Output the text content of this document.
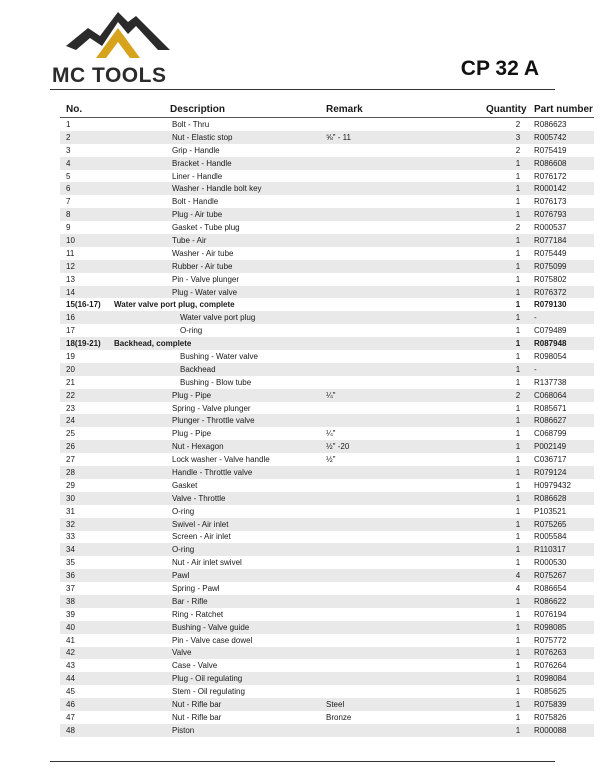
MC TOOLS	CP 32 A
No.	Description	Remark	Quantity	Part number
1	Bolt - Thru		2	R086623
2	Nut - Elastic stop	⅝" - 11	3	R005742
3	Grip - Handle		2	R075419
4	Bracket - Handle		1	R086608
5	Liner - Handle		1	R076172
6	Washer - Handle bolt key		1	R000142
7	Bolt - Handle		1	R076173
8	Plug - Air tube		1	R076793
9	Gasket - Tube plug		2	R000537
10	Tube - Air		1	R077184
11	Washer - Air tube		1	R075449
12	Rubber - Air tube		1	R075099
13	Pin - Valve plunger		1	R075802
14	Plug - Water valve		1	R076372
15(16-17)	Water valve port plug, complete		1	R079130
16	Water valve port plug		1	-
17	O-ring		1	C079489
18(19-21)	Backhead, complete		1	R087948
19	Bushing - Water valve		1	R098054
20	Backhead		1	-
21	Bushing - Blow tube		1	R137738
22	Plug - Pipe	¼"	2	C068064
23	Spring - Valve plunger		1	R085671
24	Plunger - Throttle valve		1	R086627
25	Plug - Pipe	¼"	1	C068799
26	Nut - Hexagon	½" -20	1	P002149
27	Lock washer - Valve handle	½"	1	C036717
28	Handle - Throttle valve		1	R079124
29	Gasket		1	H0979432
30	Valve - Throttle		1	R086628
31	O-ring		1	P103521
32	Swivel - Air inlet		1	R075265
33	Screen - Air inlet		1	R005584
34	O-ring		1	R110317
35	Nut - Air inlet swivel		1	R000530
36	Pawl		4	R075267
37	Spring - Pawl		4	R086654
38	Bar - Rifle		1	R086622
39	Ring - Ratchet		1	R076194
40	Bushing - Valve guide		1	R098085
41	Pin - Valve case dowel		1	R075772
42	Valve		1	R076263
43	Case - Valve		1	R076264
44	Plug - Oil regulating		1	R098084
45	Stem - Oil regulating		1	R085625
46	Nut - Rifle bar	Steel	1	R075839
47	Nut - Rifle bar	Bronze	1	R075826
48	Piston		1	R000088
